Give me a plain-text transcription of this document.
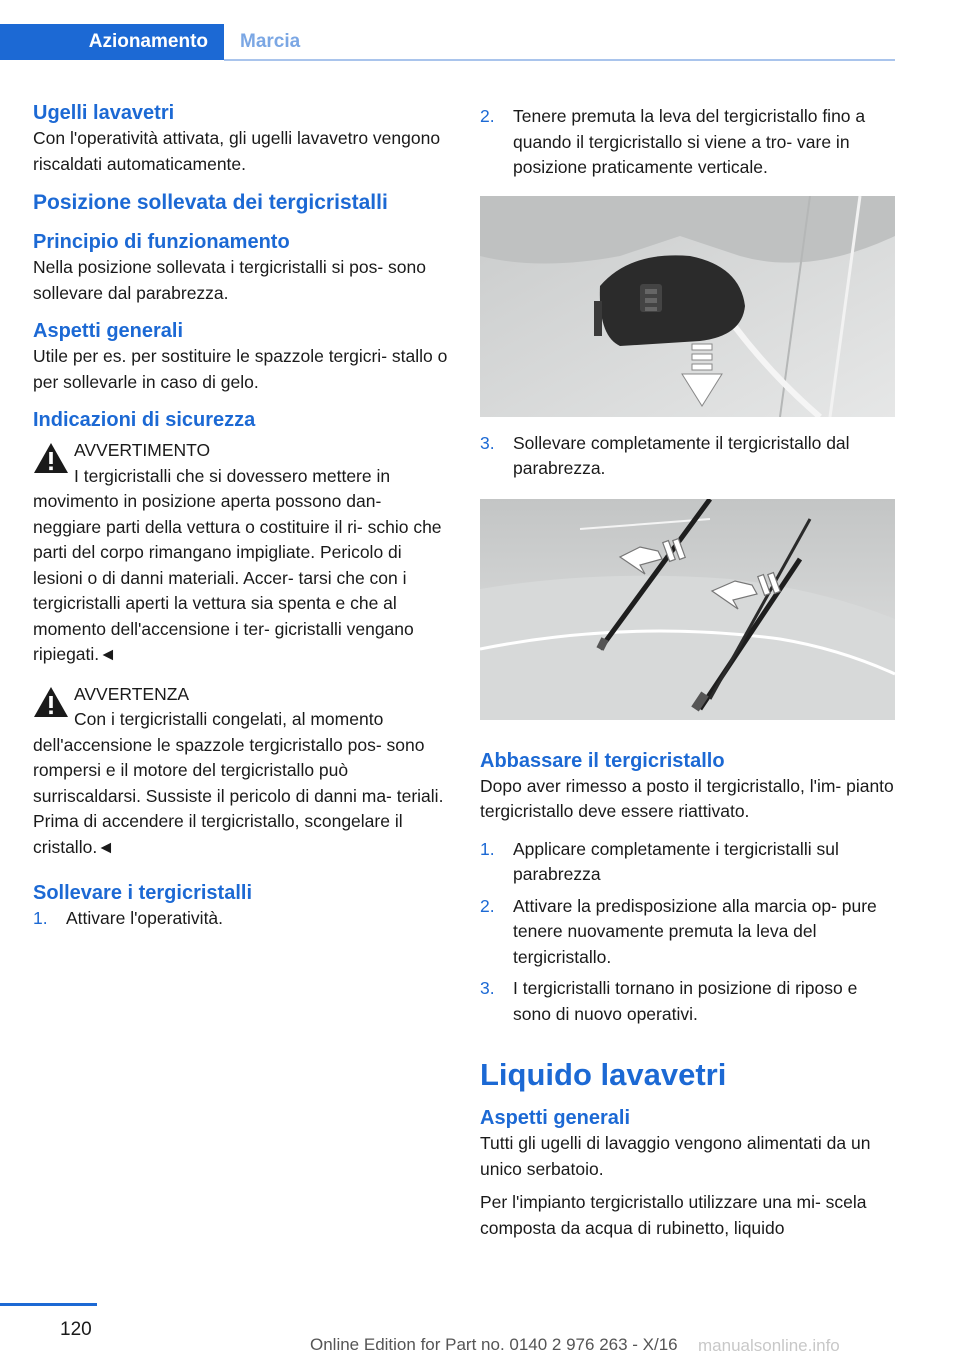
Azionamento	Marcia
Ugelli lavavetri

Con l'operatività attivata, gli ugelli lavavetro vengono riscaldati automaticamente.

Posizione sollevata dei tergicristalli
Principio di funzionamento

Nella posizione sollevata i tergicristalli si pos‐ sono sollevare dal parabrezza.

Aspetti generali

Utile per es. per sostituire le spazzole tergicri‐ stallo o per sollevarle in caso di gelo.

Indicazioni di sicurezza
AVVERTIMENTO
I tergicristalli che si dovessero mettere in movimento in posizione aperta possono dan‐ neggiare parti della vettura o costituire il ri‐ schio che parti del corpo rimangano impigliate. Pericolo di lesioni o di danni materiali. Accer‐ tarsi che con i tergicristalli aperti la vettura sia spenta e che al momento dell'accensione i ter‐ gicristalli vengano ripiegati.◄
AVVERTENZA
Con i tergicristalli congelati, al momento dell'accensione le spazzole tergicristallo pos‐ sono rompersi e il motore del tergicristallo può surriscaldarsi. Sussiste il pericolo di danni ma‐ teriali. Prima di accendere il tergicristallo, scongelare il cristallo.◄
Sollevare i tergicristalli
1. Attivare l'operatività.
2. Tenere premuta la leva del tergicristallo fino a quando il tergicristallo si viene a tro‐ vare in posizione praticamente verticale.
3. Sollevare completamente il tergicristallo dal parabrezza.
Abbassare il tergicristallo

Dopo aver rimesso a posto il tergicristallo, l'im‐ pianto tergicristallo deve essere riattivato.

1. Applicare completamente i tergicristalli sul parabrezza
2. Attivare la predisposizione alla marcia op‐ pure tenere nuovamente premuta la leva del tergicristallo.
3. I tergicristalli tornano in posizione di riposo e sono di nuovo operativi.
Liquido lavavetri
Aspetti generali

Tutti gli ugelli di lavaggio vengono alimentati da un unico serbatoio.

Per l'impianto tergicristallo utilizzare una mi‐ scela composta da acqua di rubinetto, liquido

120
Online Edition for Part no. 0140 2 976 263 - X/16 manualsonline.info
